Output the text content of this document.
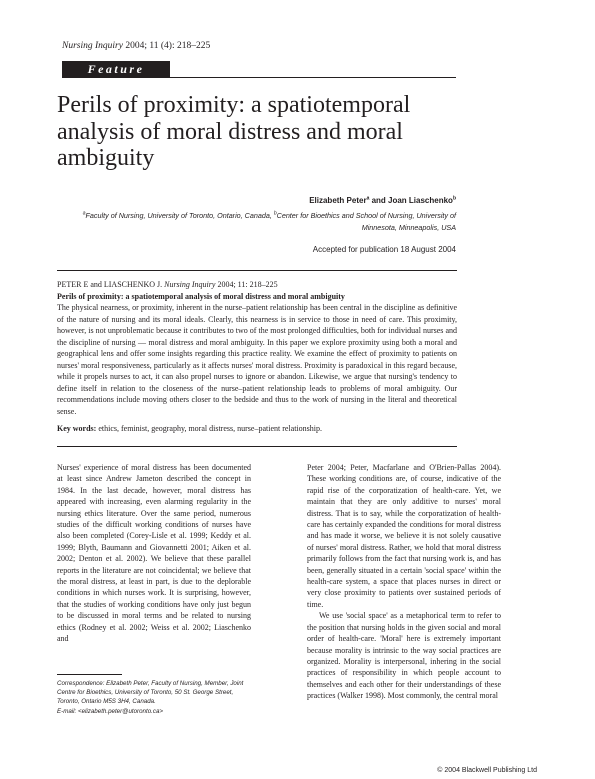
Nursing Inquiry 2004; 11 (4): 218–225
Feature
Perils of proximity: a spatiotemporal analysis of moral distress and moral ambiguity
Elizabeth Peter$^a$ and Joan Liaschenko$^b$
$^a$Faculty of Nursing, University of Toronto, Ontario, Canada, $^b$Center for Bioethics and School of Nursing, University of Minnesota, Minneapolis, USA
Accepted for publication 18 August 2004

PETER E and LIASCHENKO J. Nursing Inquiry 2004; 11: 218–225

Perils of proximity: a spatiotemporal analysis of moral distress and moral ambiguity

The physical nearness, or proximity, inherent in the nurse–patient relationship has been central in the discipline as definitive of the nature of nursing and its moral ideals. Clearly, this nearness is in service to those in need of care. This proximity, however, is not unproblematic because it contributes to two of the most prolonged difficulties, both for individual nurses and the discipline of nursing — moral distress and moral ambiguity. In this paper we explore proximity using both a moral and geographical lens and offer some insights regarding this practice reality. We examine the effect of proximity to patients on nurses' moral responsiveness, particularly as it affects nurses' moral distress. Proximity is paradoxical in this regard because, while it propels nurses to act, it can also propel nurses to ignore or abandon. Likewise, we argue that nursing's tendency to define itself in relation to the closeness of the nurse–patient relationship leads to problems of moral ambiguity. Our recommendations include moving others closer to the bedside and thus to the work of nursing in the literal and theoretical sense.

Key words: ethics, feminist, geography, moral distress, nurse–patient relationship.

Nurses' experience of moral distress has been documented at least since Andrew Jameton described the concept in 1984. In the last decade, however, moral distress has appeared with increasing, even alarming regularity in the nursing ethics literature. Over the same period, numerous studies of the difficult working conditions of nurses have also been completed (Corey-Lisle et al. 1999; Keddy et al. 1999; Blyth, Baumann and Giovannetti 2001; Aiken et al. 2002; Denton et al. 2002). We believe that these parallel reports in the literature are not coincidental; we believe that the moral distress, at least in part, is due to the deplorable conditions in which nurses work. It is surprising, however, that the studies of working conditions have only just begun to be discussed in moral terms and be related to nursing ethics (Rodney et al. 2002; Weiss et al. 2002; Liaschenko and

Peter 2004; Peter, Macfarlane and O'Brien-Pallas 2004). These working conditions are, of course, indicative of the rapid rise of the corporatization of health-care. Yet, we maintain that they are only additive to nurses' moral distress. That is to say, while the corporatization of health-care has certainly expanded the conditions for moral distress and has made it worse, we believe it is not solely causative of nurses' moral distress. Rather, we hold that moral distress primarily follows from the fact that nursing work is, and has been, generally situated in a certain 'social space' within the health-care system, a space that places nurses in direct or very close proximity to patients over sustained periods of time.

We use 'social space' as a metaphorical term to refer to the position that nursing holds in the given social and moral order of health-care. 'Moral' here is extremely important because morality is intrinsic to the way social practices are organized. Morality is interpersonal, inhering in the social practices of responsibility in which people account to themselves and each other for their understandings of these practices (Walker 1998). Most commonly, the central moral

Correspondence: Elizabeth Peter, Faculty of Nursing, Member, Joint Centre for Bioethics, University of Toronto, 50 St. George Street, Toronto, Ontario M5S 3H4, Canada.
E-mail: <elizabeth.peter@utoronto.ca>
© 2004 Blackwell Publishing Ltd
